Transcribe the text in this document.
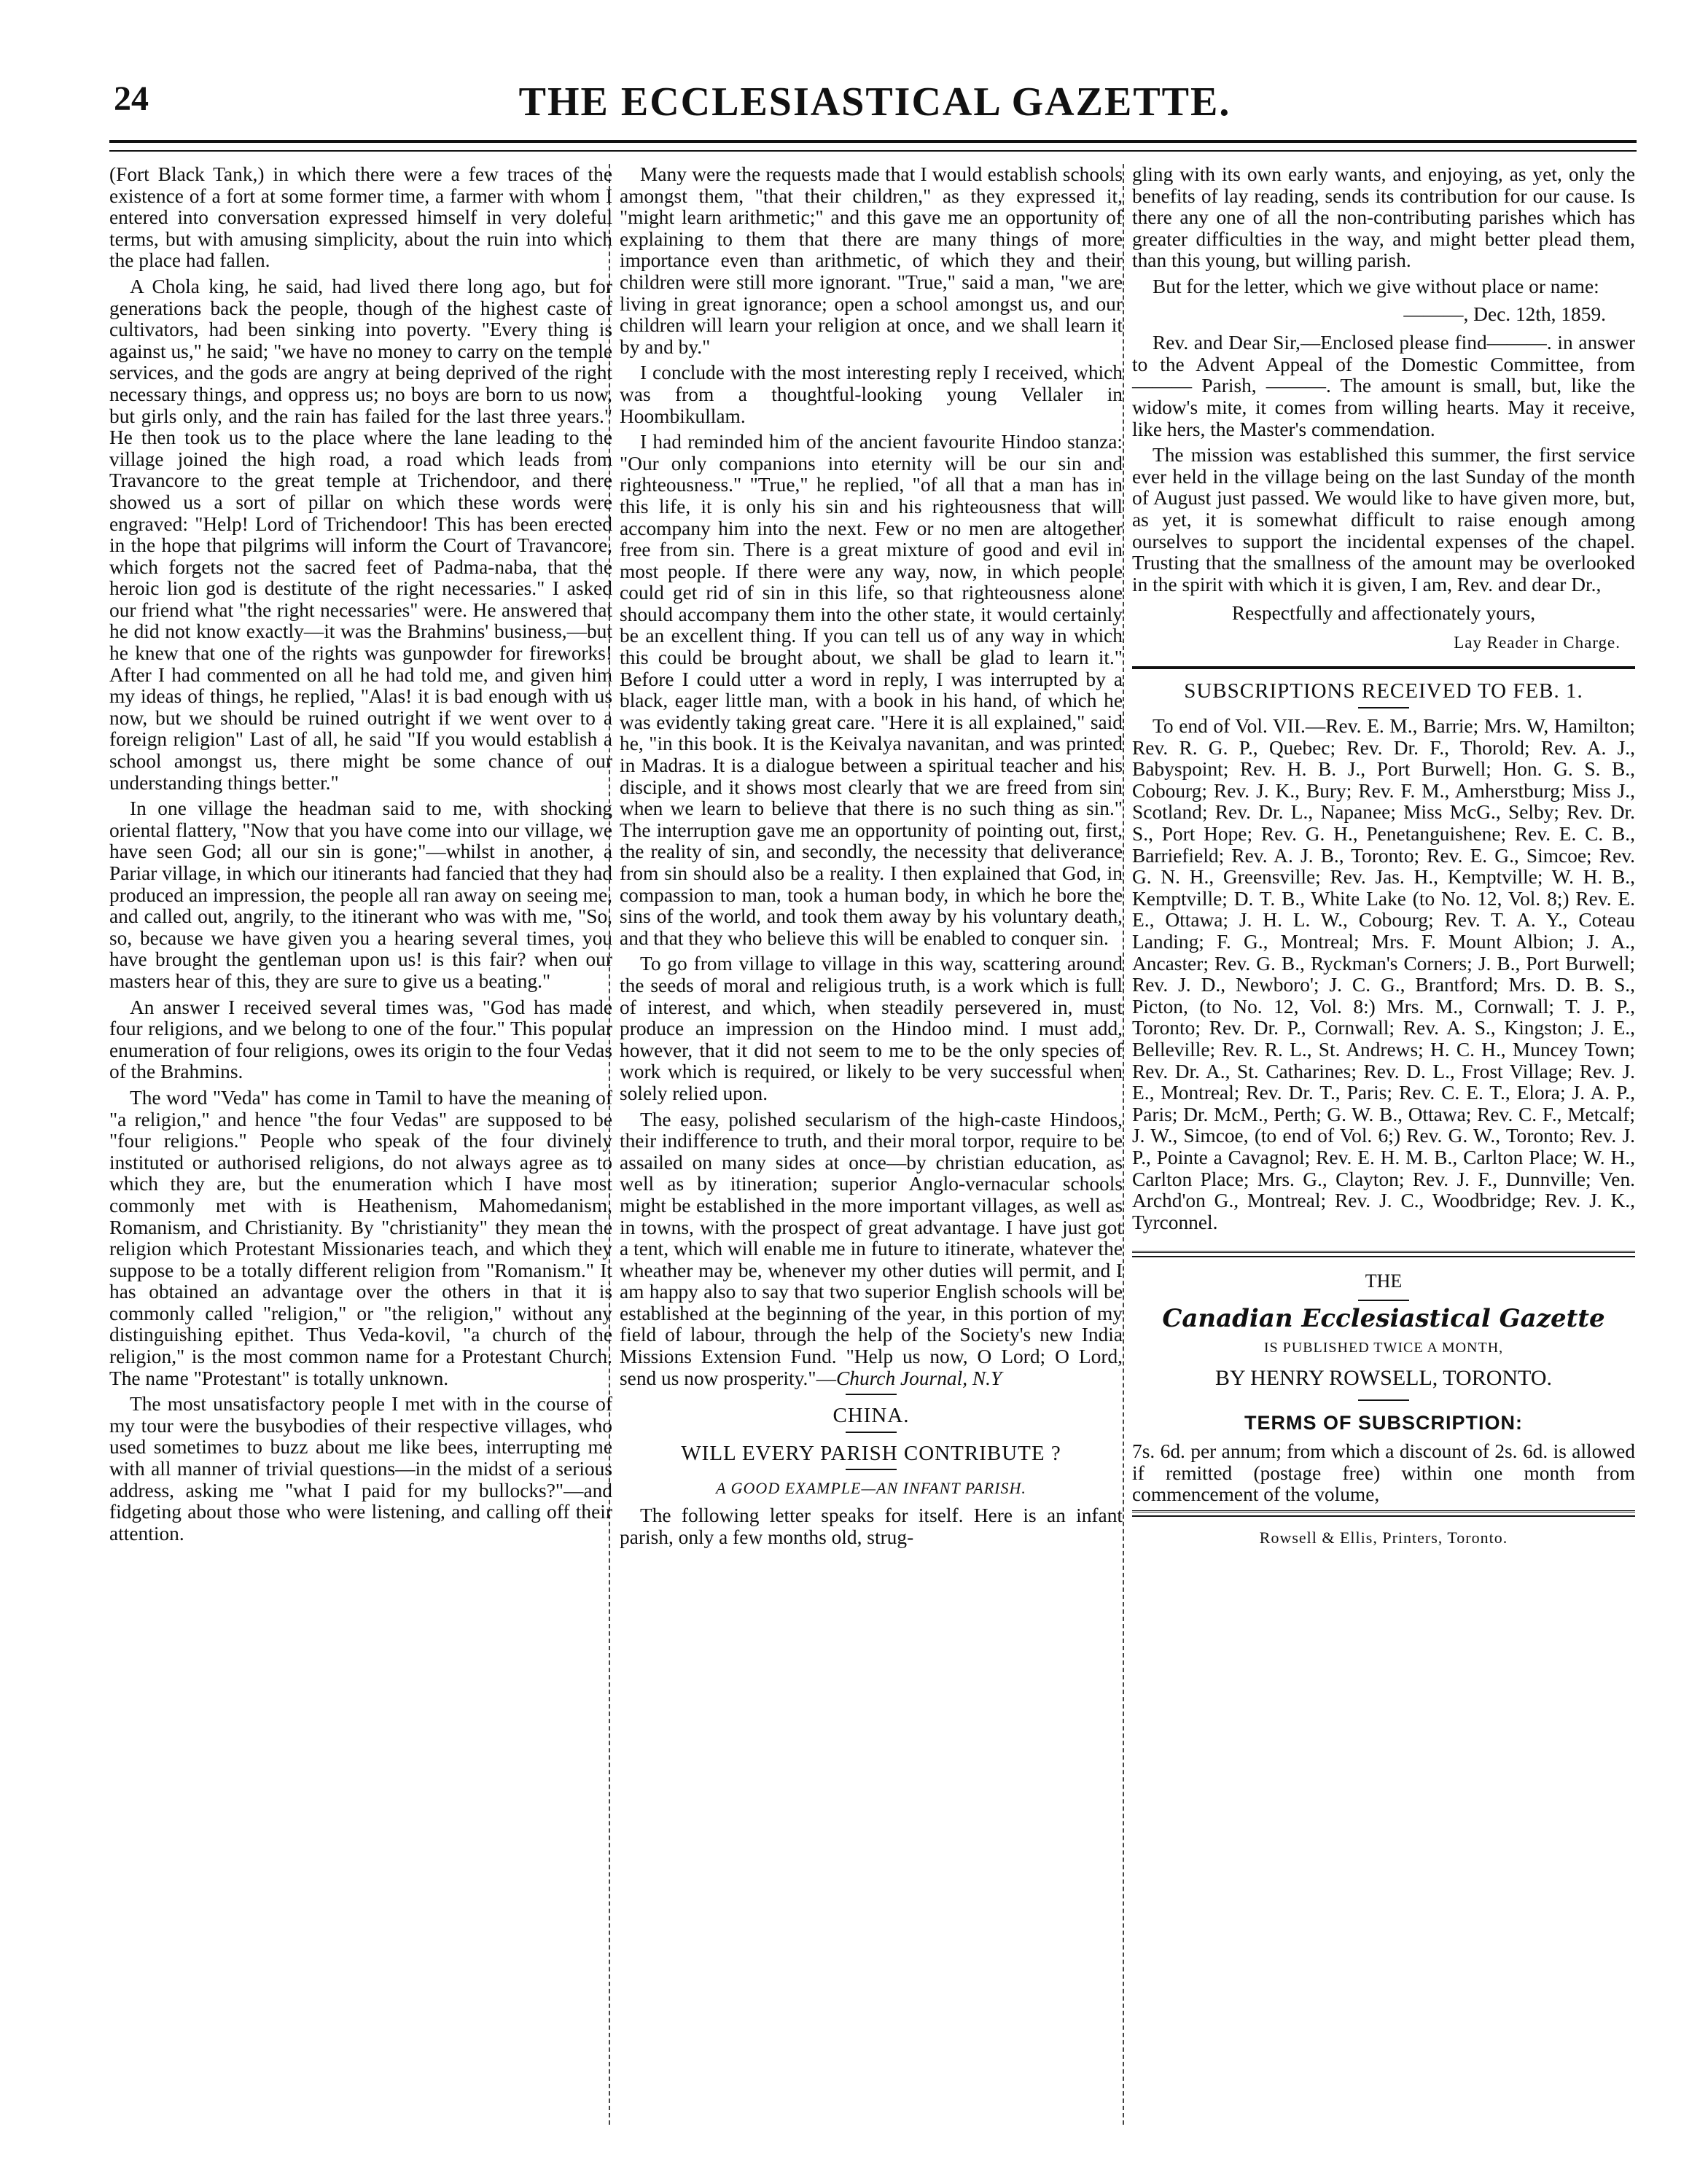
24	THE ECCLESIASTICAL GAZETTE.

(Fort Black Tank,) in which there were a few traces of the existence of a fort at some former time, a farmer with whom I entered into conversation expressed himself in very doleful terms, but with amusing simplicity, about the ruin into which the place had fallen.

A Chola king, he said, had lived there long ago, but for generations back the people, though of the highest caste of cultivators, had been sinking into poverty. "Every thing is against us," he said; "we have no money to carry on the temple services, and the gods are angry at being deprived of the right necessary things, and oppress us; no boys are born to us now, but girls only, and the rain has failed for the last three years." He then took us to the place where the lane leading to the village joined the high road, a road which leads from Travancore to the great temple at Trichendoor, and there showed us a sort of pillar on which these words were engraved: "Help! Lord of Trichendoor! This has been erected in the hope that pilgrims will inform the Court of Travancore, which forgets not the sacred feet of Padma-naba, that the heroic lion god is destitute of the right necessaries." I asked our friend what "the right necessaries" were. He answered that he did not know exactly—it was the Brahmins' business,—but he knew that one of the rights was gunpowder for fireworks! After I had commented on all he had told me, and given him my ideas of things, he replied, "Alas! it is bad enough with us now, but we should be ruined outright if we went over to a foreign religion" Last of all, he said "If you would establish a school amongst us, there might be some chance of our understanding things better."

In one village the headman said to me, with shocking oriental flattery, "Now that you have come into our village, we have seen God; all our sin is gone;"—whilst in another, a Pariar village, in which our itinerants had fancied that they had produced an impression, the people all ran away on seeing me, and called out, angrily, to the itinerant who was with me, "So, so, because we have given you a hearing several times, you have brought the gentleman upon us! is this fair? when our masters hear of this, they are sure to give us a beating."

An answer I received several times was, "God has made four religions, and we belong to one of the four." This popular enumeration of four religions, owes its origin to the four Vedas of the Brahmins.

The word "Veda" has come in Tamil to have the meaning of "a religion," and hence "the four Vedas" are supposed to be "four religions." People who speak of the four divinely instituted or authorised religions, do not always agree as to which they are, but the enumeration which I have most commonly met with is Heathenism, Mahomedanism, Romanism, and Christianity. By "christianity" they mean the religion which Protestant Missionaries teach, and which they suppose to be a totally different religion from "Romanism." It has obtained an advantage over the others in that it is commonly called "religion," or "the religion," without any distinguishing epithet. Thus Veda-kovil, "a church of the religion," is the most common name for a Protestant Church. The name "Protestant" is totally unknown.

The most unsatisfactory people I met with in the course of my tour were the busybodies of their respective villages, who used sometimes to buzz about me like bees, interrupting me with all manner of trivial questions—in the midst of a serious address, asking me "what I paid for my bullocks?"—and fidgeting about those who were listening, and calling off their attention.

Many were the requests made that I would establish schools amongst them, "that their children," as they expressed it, "might learn arithmetic;" and this gave me an opportunity of explaining to them that there are many things of more importance even than arithmetic, of which they and their children were still more ignorant. "True," said a man, "we are living in great ignorance; open a school amongst us, and our children will learn your religion at once, and we shall learn it by and by."

I conclude with the most interesting reply I received, which was from a thoughtful-looking young Vellaler in Hoombikullam.

I had reminded him of the ancient favourite Hindoo stanza: "Our only companions into eternity will be our sin and righteousness." "True," he replied, "of all that a man has in this life, it is only his sin and his righteousness that will accompany him into the next. Few or no men are altogether free from sin. There is a great mixture of good and evil in most people. If there were any way, now, in which people could get rid of sin in this life, so that righteousness alone should accompany them into the other state, it would certainly be an excellent thing. If you can tell us of any way in which this could be brought about, we shall be glad to learn it." Before I could utter a word in reply, I was interrupted by a black, eager little man, with a book in his hand, of which he was evidently taking great care. "Here it is all explained," said he, "in this book. It is the Keivalya navanitan, and was printed in Madras. It is a dialogue between a spiritual teacher and his disciple, and it shows most clearly that we are freed from sin when we learn to believe that there is no such thing as sin." The interruption gave me an opportunity of pointing out, first, the reality of sin, and secondly, the necessity that deliverance from sin should also be a reality. I then explained that God, in compassion to man, took a human body, in which he bore the sins of the world, and took them away by his voluntary death, and that they who believe this will be enabled to conquer sin.

To go from village to village in this way, scattering around the seeds of moral and religious truth, is a work which is full of interest, and which, when steadily persevered in, must produce an impression on the Hindoo mind. I must add, however, that it did not seem to me to be the only species of work which is required, or likely to be very successful when solely relied upon.

The easy, polished secularism of the high-caste Hindoos, their indifference to truth, and their moral torpor, require to be assailed on many sides at once—by christian education, as well as by itineration; superior Anglo-vernacular schools might be established in the more important villages, as well as in towns, with the prospect of great advantage. I have just got a tent, which will enable me in future to itinerate, whatever the wheather may be, whenever my other duties will permit, and I am happy also to say that two superior English schools will be established at the beginning of the year, in this portion of my field of labour, through the help of the Society's new India Missions Extension Fund. "Help us now, O Lord; O Lord, send us now prosperity."—Church Journal, N.Y

CHINA.
WILL EVERY PARISH CONTRIBUTE ?
A GOOD EXAMPLE—AN INFANT PARISH.

The following letter speaks for itself. Here is an infant parish, only a few months old, strug-

gling with its own early wants, and enjoying, as yet, only the benefits of lay reading, sends its contribution for our cause. Is there any one of all the non-contributing parishes which has greater difficulties in the way, and might better plead them, than this young, but willing parish.

But for the letter, which we give without place or name:

———, Dec. 12th, 1859.

Rev. and Dear Sir,—Enclosed please find———. in answer to the Advent Appeal of the Domestic Committee, from ——— Parish, ———. The amount is small, but, like the widow's mite, it comes from willing hearts. May it receive, like hers, the Master's commendation.

The mission was established this summer, the first service ever held in the village being on the last Sunday of the month of August just passed. We would like to have given more, but, as yet, it is somewhat difficult to raise enough among ourselves to support the incidental expenses of the chapel. Trusting that the smallness of the amount may be overlooked in the spirit with which it is given, I am, Rev. and dear Dr.,

Respectfully and affectionately yours,
Lay Reader in Charge.
SUBSCRIPTIONS RECEIVED TO FEB. 1.

To end of Vol. VII.—Rev. E. M., Barrie; Mrs. W, Hamilton; Rev. R. G. P., Quebec; Rev. Dr. F., Thorold; Rev. A. J., Babyspoint; Rev. H. B. J., Port Burwell; Hon. G. S. B., Cobourg; Rev. J. K., Bury; Rev. F. M., Amherstburg; Miss J., Scotland; Rev. Dr. L., Napanee; Miss McG., Selby; Rev. Dr. S., Port Hope; Rev. G. H., Penetanguishene; Rev. E. C. B., Barriefield; Rev. A. J. B., Toronto; Rev. E. G., Simcoe; Rev. G. N. H., Greensville; Rev. Jas. H., Kemptville; W. H. B., Kemptville; D. T. B., White Lake (to No. 12, Vol. 8;) Rev. E. E., Ottawa; J. H. L. W., Cobourg; Rev. T. A. Y., Coteau Landing; F. G., Montreal; Mrs. F. Mount Albion; J. A., Ancaster; Rev. G. B., Ryckman's Corners; J. B., Port Burwell; Rev. J. D., Newboro'; J. C. G., Brantford; Mrs. D. B. S., Picton, (to No. 12, Vol. 8:) Mrs. M., Cornwall; T. J. P., Toronto; Rev. Dr. P., Cornwall; Rev. A. S., Kingston; J. E., Belleville; Rev. R. L., St. Andrews; H. C. H., Muncey Town; Rev. Dr. A., St. Catharines; Rev. D. L., Frost Village; Rev. J. E., Montreal; Rev. Dr. T., Paris; Rev. C. E. T., Elora; J. A. P., Paris; Dr. McM., Perth; G. W. B., Ottawa; Rev. C. F., Metcalf; J. W., Simcoe, (to end of Vol. 6;) Rev. G. W., Toronto; Rev. J. P., Pointe a Cavagnol; Rev. E. H. M. B., Carlton Place; W. H., Carlton Place; Mrs. G., Clayton; Rev. J. F., Dunnville; Ven. Archd'on G., Montreal; Rev. J. C., Woodbridge; Rev. J. K., Tyrconnel.

THE
Canadian Ecclesiastical Gazette
IS PUBLISHED TWICE A MONTH,
BY HENRY ROWSELL, TORONTO.
TERMS OF SUBSCRIPTION:

7s. 6d. per annum; from which a discount of 2s. 6d. is allowed if remitted (postage free) within one month from commencement of the volume,

Rowsell & Ellis, Printers, Toronto.
